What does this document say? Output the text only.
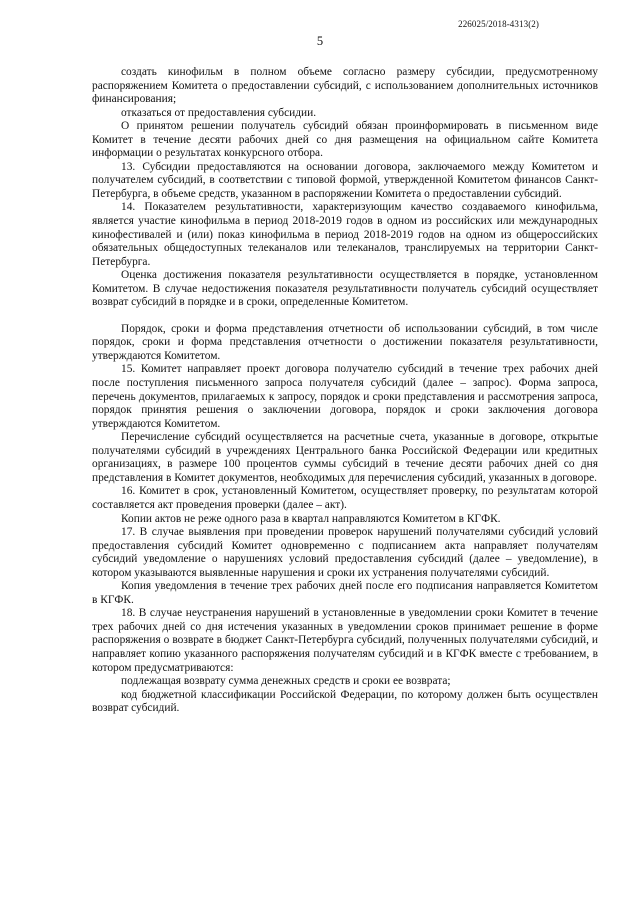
226025/2018-4313(2)
5

создать кинофильм в полном объеме согласно размеру субсидии, предусмотренному распоряжением Комитета о предоставлении субсидий, с использованием дополнительных источников финансирования;

отказаться от предоставления субсидии.

О принятом решении получатель субсидий обязан проинформировать в письменном виде Комитет в течение десяти рабочих дней со дня размещения на официальном сайте Комитета информации о результатах конкурсного отбора.

13. Субсидии предоставляются на основании договора, заключаемого между Комитетом и получателем субсидий, в соответствии с типовой формой, утвержденной Комитетом финансов Санкт-Петербурга, в объеме средств, указанном в распоряжении Комитета о предоставлении субсидий.

14. Показателем результативности, характеризующим качество создаваемого кинофильма, является участие кинофильма в период 2018-2019 годов в одном из российских или международных кинофестивалей и (или) показ кинофильма в период 2018-2019 годов на одном из общероссийских обязательных общедоступных телеканалов или телеканалов, транслируемых на территории Санкт-Петербурга.

Оценка достижения показателя результативности осуществляется в порядке, установленном Комитетом. В случае недостижения показателя результативности получатель субсидий осуществляет возврат субсидий в порядке и в сроки, определенные Комитетом.

Порядок, сроки и форма представления отчетности об использовании субсидий, в том числе порядок, сроки и форма представления отчетности о достижении показателя результативности, утверждаются Комитетом.

15. Комитет направляет проект договора получателю субсидий в течение трех рабочих дней после поступления письменного запроса получателя субсидий (далее – запрос). Форма запроса, перечень документов, прилагаемых к запросу, порядок и сроки представления и рассмотрения запроса, порядок принятия решения о заключении договора, порядок и сроки заключения договора утверждаются Комитетом.

Перечисление субсидий осуществляется на расчетные счета, указанные в договоре, открытые получателями субсидий в учреждениях Центрального банка Российской Федерации или кредитных организациях, в размере 100 процентов суммы субсидий в течение десяти рабочих дней со дня представления в Комитет документов, необходимых для перечисления субсидий, указанных в договоре.

16. Комитет в срок, установленный Комитетом, осуществляет проверку, по результатам которой составляется акт проведения проверки (далее – акт).

Копии актов не реже одного раза в квартал направляются Комитетом в КГФК.

17. В случае выявления при проведении проверок нарушений получателями субсидий условий предоставления субсидий Комитет одновременно с подписанием акта направляет получателям субсидий уведомление о нарушениях условий предоставления субсидий (далее – уведомление), в котором указываются выявленные нарушения и сроки их устранения получателями субсидий.

Копия уведомления в течение трех рабочих дней после его подписания направляется Комитетом в КГФК.

18. В случае неустранения нарушений в установленные в уведомлении сроки Комитет в течение трех рабочих дней со дня истечения указанных в уведомлении сроков принимает решение в форме распоряжения о возврате в бюджет Санкт-Петербурга субсидий, полученных получателями субсидий, и направляет копию указанного распоряжения получателям субсидий и в КГФК вместе с требованием, в котором предусматриваются:

подлежащая возврату сумма денежных средств и сроки ее возврата;

код бюджетной классификации Российской Федерации, по которому должен быть осуществлен возврат субсидий.
